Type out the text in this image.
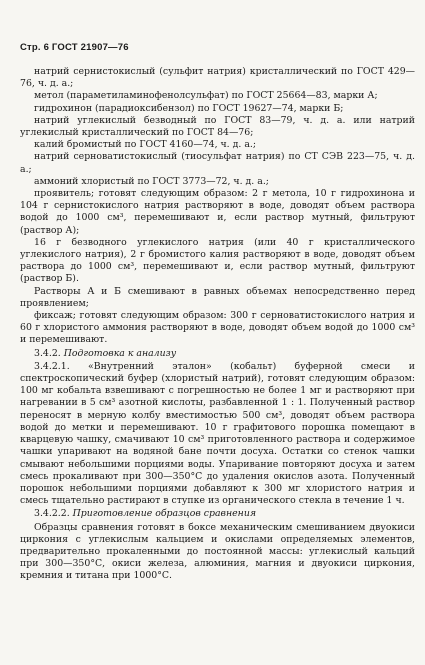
Стр. 6 ГОСТ 21907—76

натрий сернистокислый (сульфит натрия) кристаллический по ГОСТ 429—76, ч. д. а.;

метол (параметиламинофенолсульфат) по ГОСТ 25664—83, марки А;

гидрохинон (парадиоксибензол) по ГОСТ 19627—74, марки Б;

натрий углекислый безводный по ГОСТ 83—79, ч. д. а. или натрий углекислый кристаллический по ГОСТ 84—76;

калий бромистый по ГОСТ 4160—74, ч. д. а.;

натрий серноватистокислый (тиосульфат натрия) по СТ СЭВ 223—75, ч. д. а.;

аммоний хлористый по ГОСТ 3773—72, ч. д. а.;

проявитель; готовят следующим образом: 2 г метола, 10 г гидрохинона и 104 г сернистокислого натрия растворяют в воде, доводят объем раствора водой до 1000 см³, перемешивают и, если раствор мутный, фильтруют (раствор А);

16 г безводного углекислого натрия (или 40 г кристаллического углекислого натрия), 2 г бромистого калия растворяют в воде, доводят объем раствора до 1000 см³, перемешивают и, если раствор мутный, фильтруют (раствор Б).

Растворы А и Б смешивают в равных объемах непосредственно перед проявлением;

фиксаж; готовят следующим образом: 300 г серноватистокислого натрия и 60 г хлористого аммония растворяют в воде, доводят объем водой до 1000 см³ и перемешивают.

3.4.2. Подготовка к анализу

3.4.2.1. «Внутренний эталон» (кобальт) буферной смеси и спектроскопический буфер (хлористый натрий), готовят следующим образом: 100 мг кобальта взвешивают с погрешностью не более 1 мг и растворяют при нагревании в 5 см³ азотной кислоты, разбавленной 1 : 1. Полученный раствор переносят в мерную колбу вместимостью 500 см³, доводят объем раствора водой до метки и перемешивают. 10 г графитового порошка помещают в кварцевую чашку, смачивают 10 см³ приготовленного раствора и содержимое чашки упаривают на водяной бане почти досуха. Остатки со стенок чашки смывают небольшими порциями воды. Упаривание повторяют досуха и затем смесь прокаливают при 300—350°С до удаления окислов азота. Полученный порошок небольшими порциями добавляют к 300 мг хлористого натрия и смесь тщательно растирают в ступке из органического стекла в течение 1 ч.

3.4.2.2. Приготовление образцов сравнения

Образцы сравнения готовят в боксе механическим смешиванием двуокиси циркония с углекислым кальцием и окислами определяемых элементов, предварительно прокаленными до постоянной массы: углекислый кальций при 300—350°С, окиси железа, алюминия, магния и двуокиси циркония, кремния и титана при 1000°С.
